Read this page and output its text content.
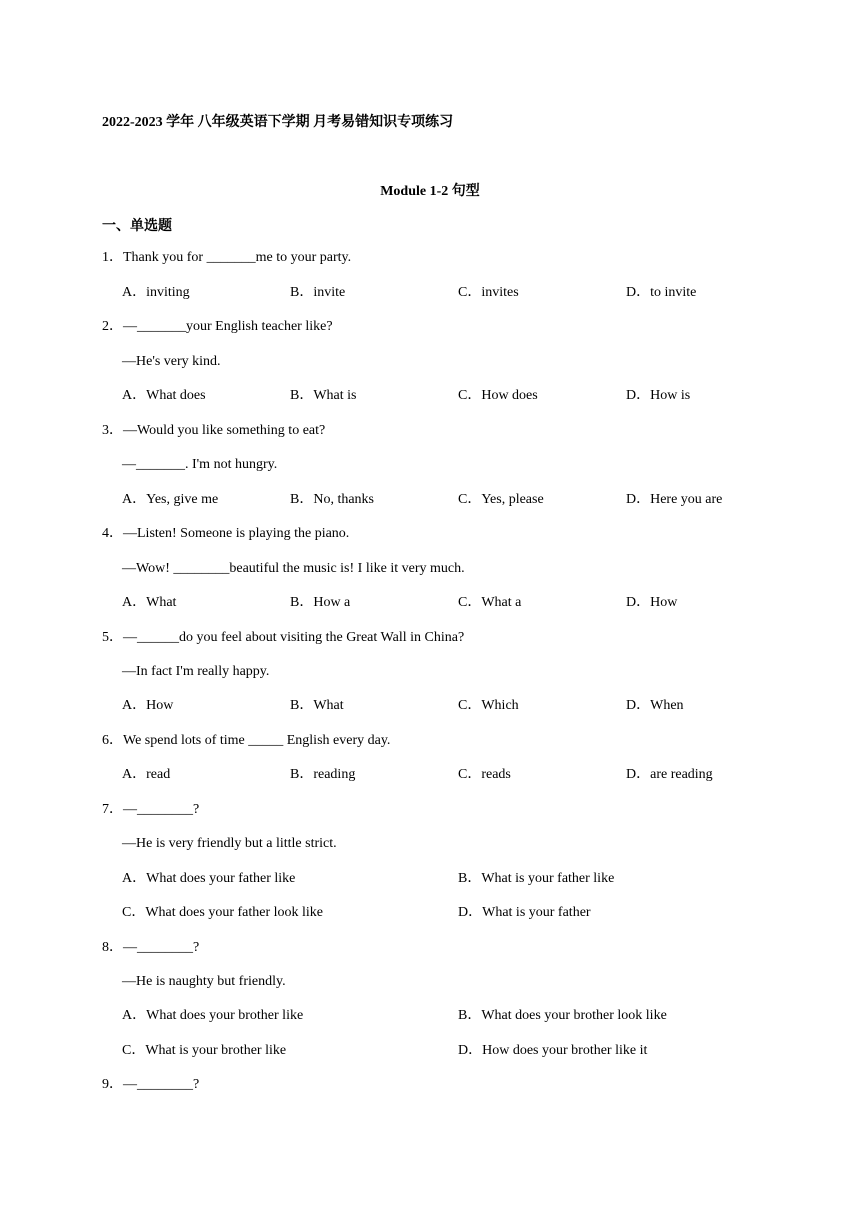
2022-2023 学年 八年级英语下学期 月考易错知识专项练习
Module 1-2 句型
一、单选题
1．Thank you for _______me to your party.
A．inviting	B．invite	C．invites	D．to invite
2．—_______your English teacher like?
—He's very kind.
A．What does	B．What is	C．How does	D．How is
3．—Would you like something to eat?
—_______. I'm not hungry.
A．Yes, give me	B．No, thanks	C．Yes, please	D．Here you are
4．—Listen! Someone is playing the piano.
—Wow! ________beautiful the music is! I like it very much.
A．What	B．How a	C．What a	D．How
5．—______do you feel about visiting the Great Wall in China?
—In fact I'm really happy.
A．How	B．What	C．Which	D．When
6．We spend lots of time _____ English every day.
A．read	B．reading	C．reads	D．are reading
7．—________?
—He is very friendly but a little strict.
A．What does your father like	B．What is your father like
C．What does your father look like	D．What is your father
8．—________?
—He is naughty but friendly.
A．What does your brother like	B．What does your brother look like
C．What is your brother like	D．How does your brother like it
9．—________?
